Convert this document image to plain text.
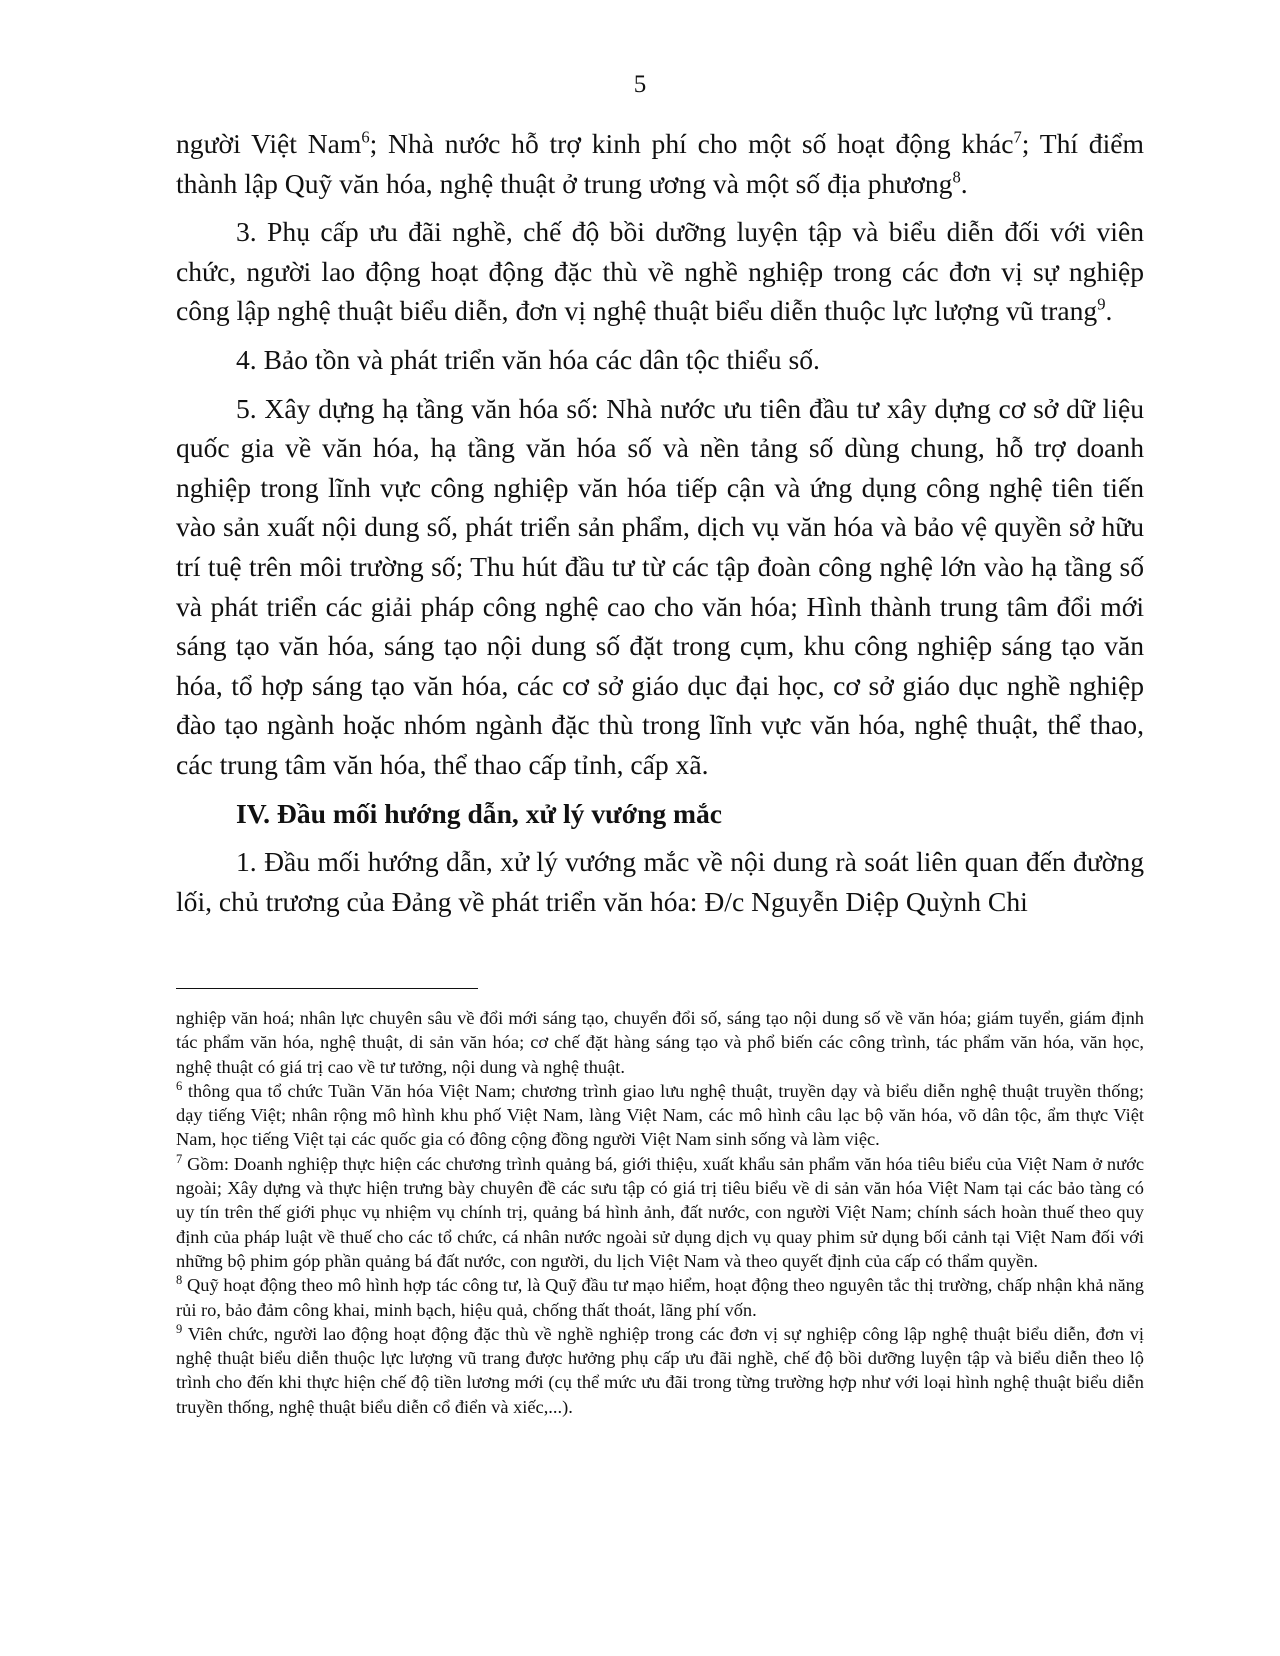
5

người Việt Nam$^6$; Nhà nước hỗ trợ kinh phí cho một số hoạt động khác$^7$; Thí điểm thành lập Quỹ văn hóa, nghệ thuật ở trung ương và một số địa phương$^8$.

3. Phụ cấp ưu đãi nghề, chế độ bồi dưỡng luyện tập và biểu diễn đối với viên chức, người lao động hoạt động đặc thù về nghề nghiệp trong các đơn vị sự nghiệp công lập nghệ thuật biểu diễn, đơn vị nghệ thuật biểu diễn thuộc lực lượng vũ trang$^9$.

4. Bảo tồn và phát triển văn hóa các dân tộc thiểu số.

5. Xây dựng hạ tầng văn hóa số: Nhà nước ưu tiên đầu tư xây dựng cơ sở dữ liệu quốc gia về văn hóa, hạ tầng văn hóa số và nền tảng số dùng chung, hỗ trợ doanh nghiệp trong lĩnh vực công nghiệp văn hóa tiếp cận và ứng dụng công nghệ tiên tiến vào sản xuất nội dung số, phát triển sản phẩm, dịch vụ văn hóa và bảo vệ quyền sở hữu trí tuệ trên môi trường số; Thu hút đầu tư từ các tập đoàn công nghệ lớn vào hạ tầng số và phát triển các giải pháp công nghệ cao cho văn hóa; Hình thành trung tâm đổi mới sáng tạo văn hóa, sáng tạo nội dung số đặt trong cụm, khu công nghiệp sáng tạo văn hóa, tổ hợp sáng tạo văn hóa, các cơ sở giáo dục đại học, cơ sở giáo dục nghề nghiệp đào tạo ngành hoặc nhóm ngành đặc thù trong lĩnh vực văn hóa, nghệ thuật, thể thao, các trung tâm văn hóa, thể thao cấp tỉnh, cấp xã.

IV. Đầu mối hướng dẫn, xử lý vướng mắc

1. Đầu mối hướng dẫn, xử lý vướng mắc về nội dung rà soát liên quan đến đường lối, chủ trương của Đảng về phát triển văn hóa: Đ/c Nguyễn Diệp Quỳnh Chi

nghiệp văn hoá; nhân lực chuyên sâu về đổi mới sáng tạo, chuyển đổi số, sáng tạo nội dung số về văn hóa; giám tuyển, giám định tác phẩm văn hóa, nghệ thuật, di sản văn hóa; cơ chế đặt hàng sáng tạo và phổ biến các công trình, tác phẩm văn hóa, văn học, nghệ thuật có giá trị cao về tư tưởng, nội dung và nghệ thuật.

$^6$ thông qua tổ chức Tuần Văn hóa Việt Nam; chương trình giao lưu nghệ thuật, truyền dạy và biểu diễn nghệ thuật truyền thống; dạy tiếng Việt; nhân rộng mô hình khu phố Việt Nam, làng Việt Nam, các mô hình câu lạc bộ văn hóa, võ dân tộc, ẩm thực Việt Nam, học tiếng Việt tại các quốc gia có đông cộng đồng người Việt Nam sinh sống và làm việc.

$^7$ Gồm: Doanh nghiệp thực hiện các chương trình quảng bá, giới thiệu, xuất khẩu sản phẩm văn hóa tiêu biểu của Việt Nam ở nước ngoài; Xây dựng và thực hiện trưng bày chuyên đề các sưu tập có giá trị tiêu biểu về di sản văn hóa Việt Nam tại các bảo tàng có uy tín trên thế giới phục vụ nhiệm vụ chính trị, quảng bá hình ảnh, đất nước, con người Việt Nam; chính sách hoàn thuế theo quy định của pháp luật về thuế cho các tổ chức, cá nhân nước ngoài sử dụng dịch vụ quay phim sử dụng bối cảnh tại Việt Nam đối với những bộ phim góp phần quảng bá đất nước, con người, du lịch Việt Nam và theo quyết định của cấp có thẩm quyền.

$^8$ Quỹ hoạt động theo mô hình hợp tác công tư, là Quỹ đầu tư mạo hiểm, hoạt động theo nguyên tắc thị trường, chấp nhận khả năng rủi ro, bảo đảm công khai, minh bạch, hiệu quả, chống thất thoát, lãng phí vốn.

$^9$ Viên chức, người lao động hoạt động đặc thù về nghề nghiệp trong các đơn vị sự nghiệp công lập nghệ thuật biểu diễn, đơn vị nghệ thuật biểu diễn thuộc lực lượng vũ trang được hưởng phụ cấp ưu đãi nghề, chế độ bồi dưỡng luyện tập và biểu diễn theo lộ trình cho đến khi thực hiện chế độ tiền lương mới (cụ thể mức ưu đãi trong từng trường hợp như với loại hình nghệ thuật biểu diễn truyền thống, nghệ thuật biểu diễn cổ điển và xiếc,...).
